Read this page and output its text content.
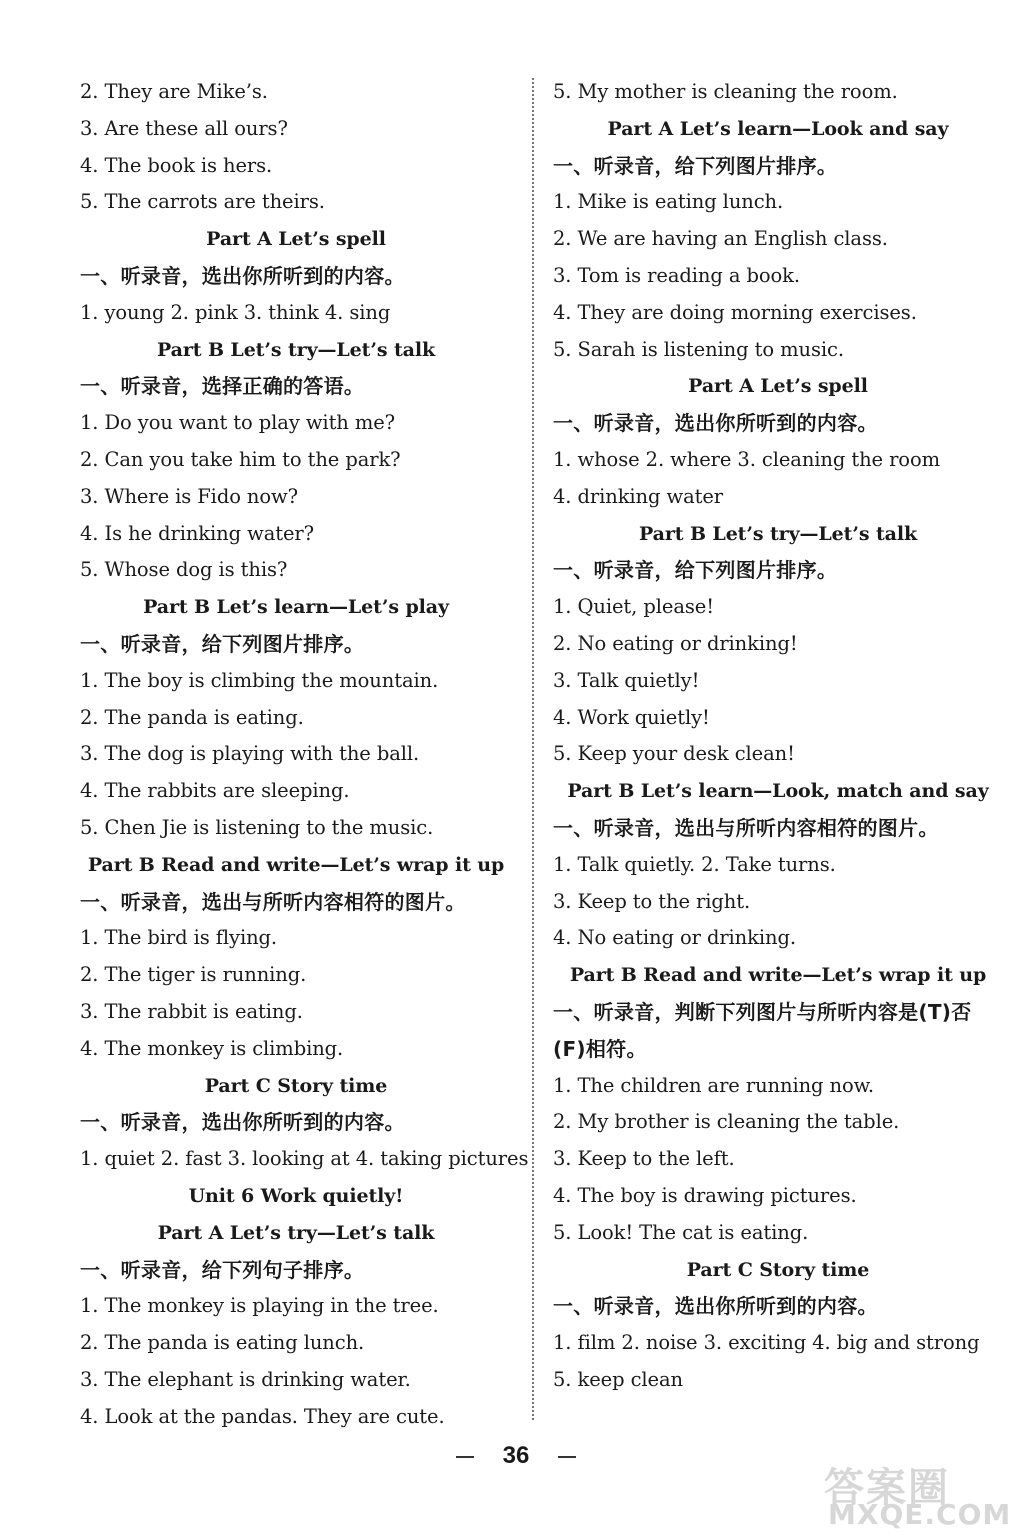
2. They are Mike’s.
3. Are these all ours?
4. The book is hers.
5. The carrots are theirs.
Part A Let’s spell
一、听录音，选出你所听到的内容。
1. young 2. pink 3. think 4. sing
Part B Let’s try—Let’s talk
一、听录音，选择正确的答语。
1. Do you want to play with me?
2. Can you take him to the park?
3. Where is Fido now?
4. Is he drinking water?
5. Whose dog is this?
Part B Let’s learn—Let’s play
一、听录音，给下列图片排序。
1. The boy is climbing the mountain.
2. The panda is eating.
3. The dog is playing with the ball.
4. The rabbits are sleeping.
5. Chen Jie is listening to the music.
Part B Read and write—Let’s wrap it up
一、听录音，选出与所听内容相符的图片。
1. The bird is flying.
2. The tiger is running.
3. The rabbit is eating.
4. The monkey is climbing.
Part C Story time
一、听录音，选出你所听到的内容。
1. quiet 2. fast 3. looking at 4. taking pictures
Unit 6 Work quietly!
Part A Let’s try—Let’s talk
一、听录音，给下列句子排序。
1. The monkey is playing in the tree.
2. The panda is eating lunch.
3. The elephant is drinking water.
4. Look at the pandas. They are cute.
5. My mother is cleaning the room.
Part A Let’s learn—Look and say
一、听录音，给下列图片排序。
1. Mike is eating lunch.
2. We are having an English class.
3. Tom is reading a book.
4. They are doing morning exercises.
5. Sarah is listening to music.
Part A Let’s spell
一、听录音，选出你所听到的内容。
1. whose 2. where 3. cleaning the room
4. drinking water
Part B Let’s try—Let’s talk
一、听录音，给下列图片排序。
1. Quiet, please!
2. No eating or drinking!
3. Talk quietly!
4. Work quietly!
5. Keep your desk clean!
Part B Let’s learn—Look, match and say
一、听录音，选出与所听内容相符的图片。
1. Talk quietly. 2. Take turns.
3. Keep to the right.
4. No eating or drinking.
Part B Read and write—Let’s wrap it up
一、听录音，判断下列图片与所听内容是(T)否
(F)相符。
1. The children are running now.
2. My brother is cleaning the table.
3. Keep to the left.
4. The boy is drawing pictures.
5. Look! The cat is eating.
Part C Story time
一、听录音，选出你所听到的内容。
1. film 2. noise 3. exciting 4. big and strong
5. keep clean
36
答案圈
MXQE.COM
